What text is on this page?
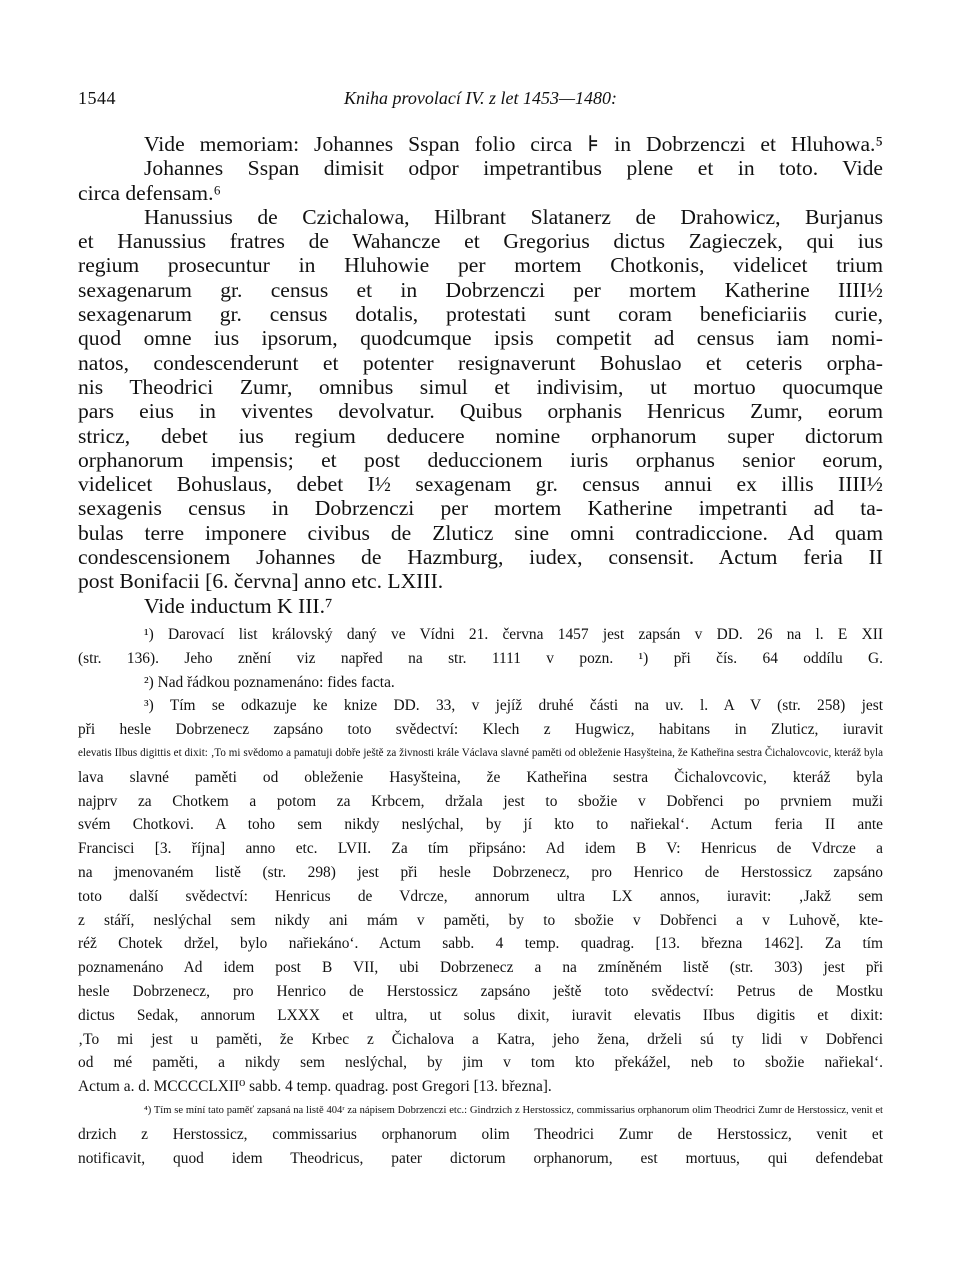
1544	Kniha provolací IV. z let 1453—1480:
Vide memoriam: Johannes Sspan folio circa ⊧ in Dobrzenczi et Hluhowa.⁵
Johannes Sspan dimisit odpor impetrantibus plene et in toto. Vide
circa defensam.⁶
Hanussius de Czichalowa, Hilbrant Slatanerz de Drahowicz, Burjanus
et Hanussius fratres de Wahancze et Gregorius dictus Zagieczek, qui ius
regium prosecuntur in Hluhowie per mortem Chotkonis, videlicet trium
sexagenarum gr. census et in Dobrzenczi per mortem Katherine IIII½
sexagenarum gr. census dotalis, protestati sunt coram beneficiariis curie,
quod omne ius ipsorum, quodcumque ipsis competit ad census iam nomi-
natos, condescenderunt et potenter resignaverunt Bohuslao et ceteris orpha-
nis Theodrici Zumr, omnibus simul et indivisim, ut mortuo quocumque
pars eius in viventes devolvatur. Quibus orphanis Henricus Zumr, eorum
stricz, debet ius regium deducere nomine orphanorum super dictorum
orphanorum impensis; et post deduccionem iuris orphanus senior eorum,
videlicet Bohuslaus, debet I½ sexagenam gr. census annui ex illis IIII½
sexagenis census in Dobrzenczi per mortem Katherine impetranti ad ta-
bulas terre imponere civibus de Zluticz sine omni contradiccione. Ad quam
condescensionem Johannes de Hazmburg, iudex, consensit. Actum feria II
post Bonifacii [6. června] anno etc. LXIII.
Vide inductum K III.⁷
¹) Darovací list královský daný ve Vídni 21. června 1457 jest zapsán v DD. 26 na l. E XII
(str. 136). Jeho znění viz napřed na str. 1111 v pozn. ¹) při čís. 64 oddílu G.
²) Nad řádkou poznamenáno: fides facta.
³) Tím se odkazuje ke knize DD. 33, v jejíž druhé části na uv. l. A V (str. 258) jest
při hesle Dobrzenecz zapsáno toto svědectví: Klech z Hugwicz, habitans in Zluticz, iuravit
elevatis IIbus digittis et dixit: ‚To mi svědomo a pamatuji dobře ještě za živnosti krále Václava slavné paměti od obleženie Hasyšteina, že Katheřina sestra Čichalovcovic, kteráž byla
lava slavné paměti od obleženie Hasyšteina, že Katheřina sestra Čichalovcovic, kteráž byla
najprv za Chotkem a potom za Krbcem, držala jest to sbožie v Dobřenci po prvniem muži
svém Chotkovi. A toho sem nikdy neslýchal, by jí kto to nařiekal‘. Actum feria II ante
Francisci [3. října] anno etc. LVII. Za tím připsáno: Ad idem B V: Henricus de Vdrcze a
na jmenovaném listě (str. 298) jest při hesle Dobrzenecz, pro Henrico de Herstossicz zapsáno
toto další svědectví: Henricus de Vdrcze, annorum ultra LX annos, iuravit: ‚Jakž sem
z stáří, neslýchal sem nikdy ani mám v paměti, by to sbožie v Dobřenci a v Luhově, kte-
réž Chotek držel, bylo nařiekáno‘. Actum sabb. 4 temp. quadrag. [13. března 1462]. Za tím
poznamenáno Ad idem post B VII, ubi Dobrzenecz a na zmíněném listě (str. 303) jest při
hesle Dobrzenecz, pro Henrico de Herstossicz zapsáno ještě toto svědectví: Petrus de Mostku
dictus Sedak, annorum LXXX et ultra, ut solus dixit, iuravit elevatis IIbus digitis et dixit:
‚To mi jest u paměti, že Krbec z Čichalova a Katra, jeho žena, drželi sú ty lidi v Dobřenci
od mé paměti, a nikdy sem neslýchal, by jim v tom kto překážel, neb to sbožie nařiekal‘.
Actum a. d. MCCCCLXII⁰ sabb. 4 temp. quadrag. post Gregori [13. března].
⁴) Tím se míní tato paměť zapsaná na listě 404ʳ za nápisem Dobrzenczi etc.: Gindrzich z Herstossicz, commissarius orphanorum olim Theodrici Zumr de Herstossicz, venit et
drzich z Herstossicz, commissarius orphanorum olim Theodrici Zumr de Herstossicz, venit et
notificavit, quod idem Theodricus, pater dictorum orphanorum, est mortuus, qui defendebat
